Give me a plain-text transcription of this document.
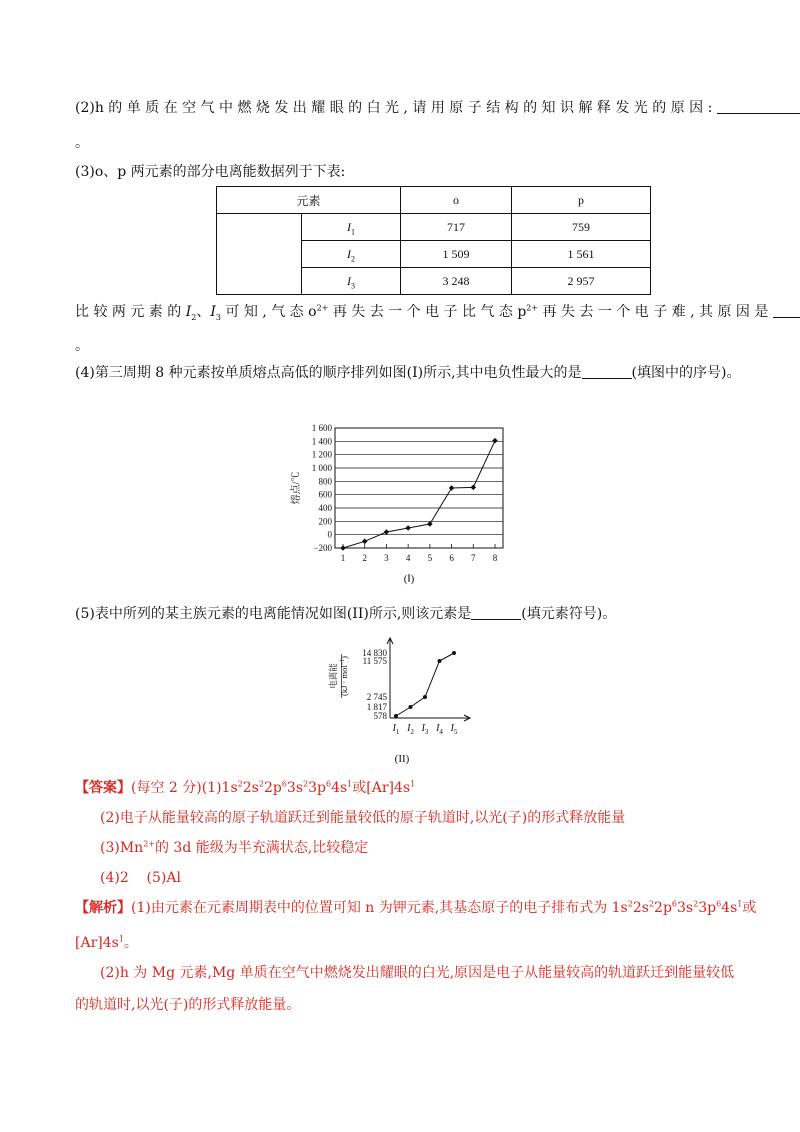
(2)h 的 单 质 在 空 气 中 燃 烧 发 出 耀 眼 的 白 光 , 请 用 原 子 结 构 的 知 识 解 释 发 光 的 原 因 :
。
(3)o、p 两元素的部分电离能数据列于下表:
元素		o	p
	$I_1$	717	759
	$I_2$	1 509	1 561
	$I_3$	3 248	2 957
比 较 两 元 素 的 $I_2$、$I_3$ 可 知 , 气 态 $o^{2+}$ 再 失 去 一 个 电 子 比 气 态 $p^{2+}$ 再 失 去 一 个 电 子 难 , 其 原 因 是
。
(4)第三周期 8 种元素按单质熔点高低的顺序排列如图(I)所示,其中电负性最大的是	(填图中的序号)。
1 600
1 400
1 200
1 000
800
600
400
200
0
−200
熔点/℃
1 2 3 4 5 6 7 8
(Ⅰ)
(5)表中所列的某主族元素的电离能情况如图(II)所示,则该元素是	(填元素符号)。
14 830
11 575
2 745
1 817
578
电离能 (kJ · mol$^{-1}$)
$I_1$ $I_2$ $I_3$ $I_4$ $I_5$
(II)
【答案】(每空 2 分)$(1)1s^22s^22p^63s^23p^64s^1$或$[Ar]4s^1$
(2)电子从能量较高的原子轨道跃迁到能量较低的原子轨道时,以光(子)的形式释放能量
$(3)Mn^{2+}$的 3d 能级为半充满状态,比较稳定
(4)2    (5)Al
【解析】(1)由元素在元素周期表中的位置可知 n 为钾元素,其基态原子的电子排布式为 $1s^22s^22p^63s^23p^64s^1$或
$[Ar]4s^1$。
(2)h 为 Mg 元素,Mg 单质在空气中燃烧发出耀眼的白光,原因是电子从能量较高的轨道跃迁到能量较低
的轨道时,以光(子)的形式释放能量。
